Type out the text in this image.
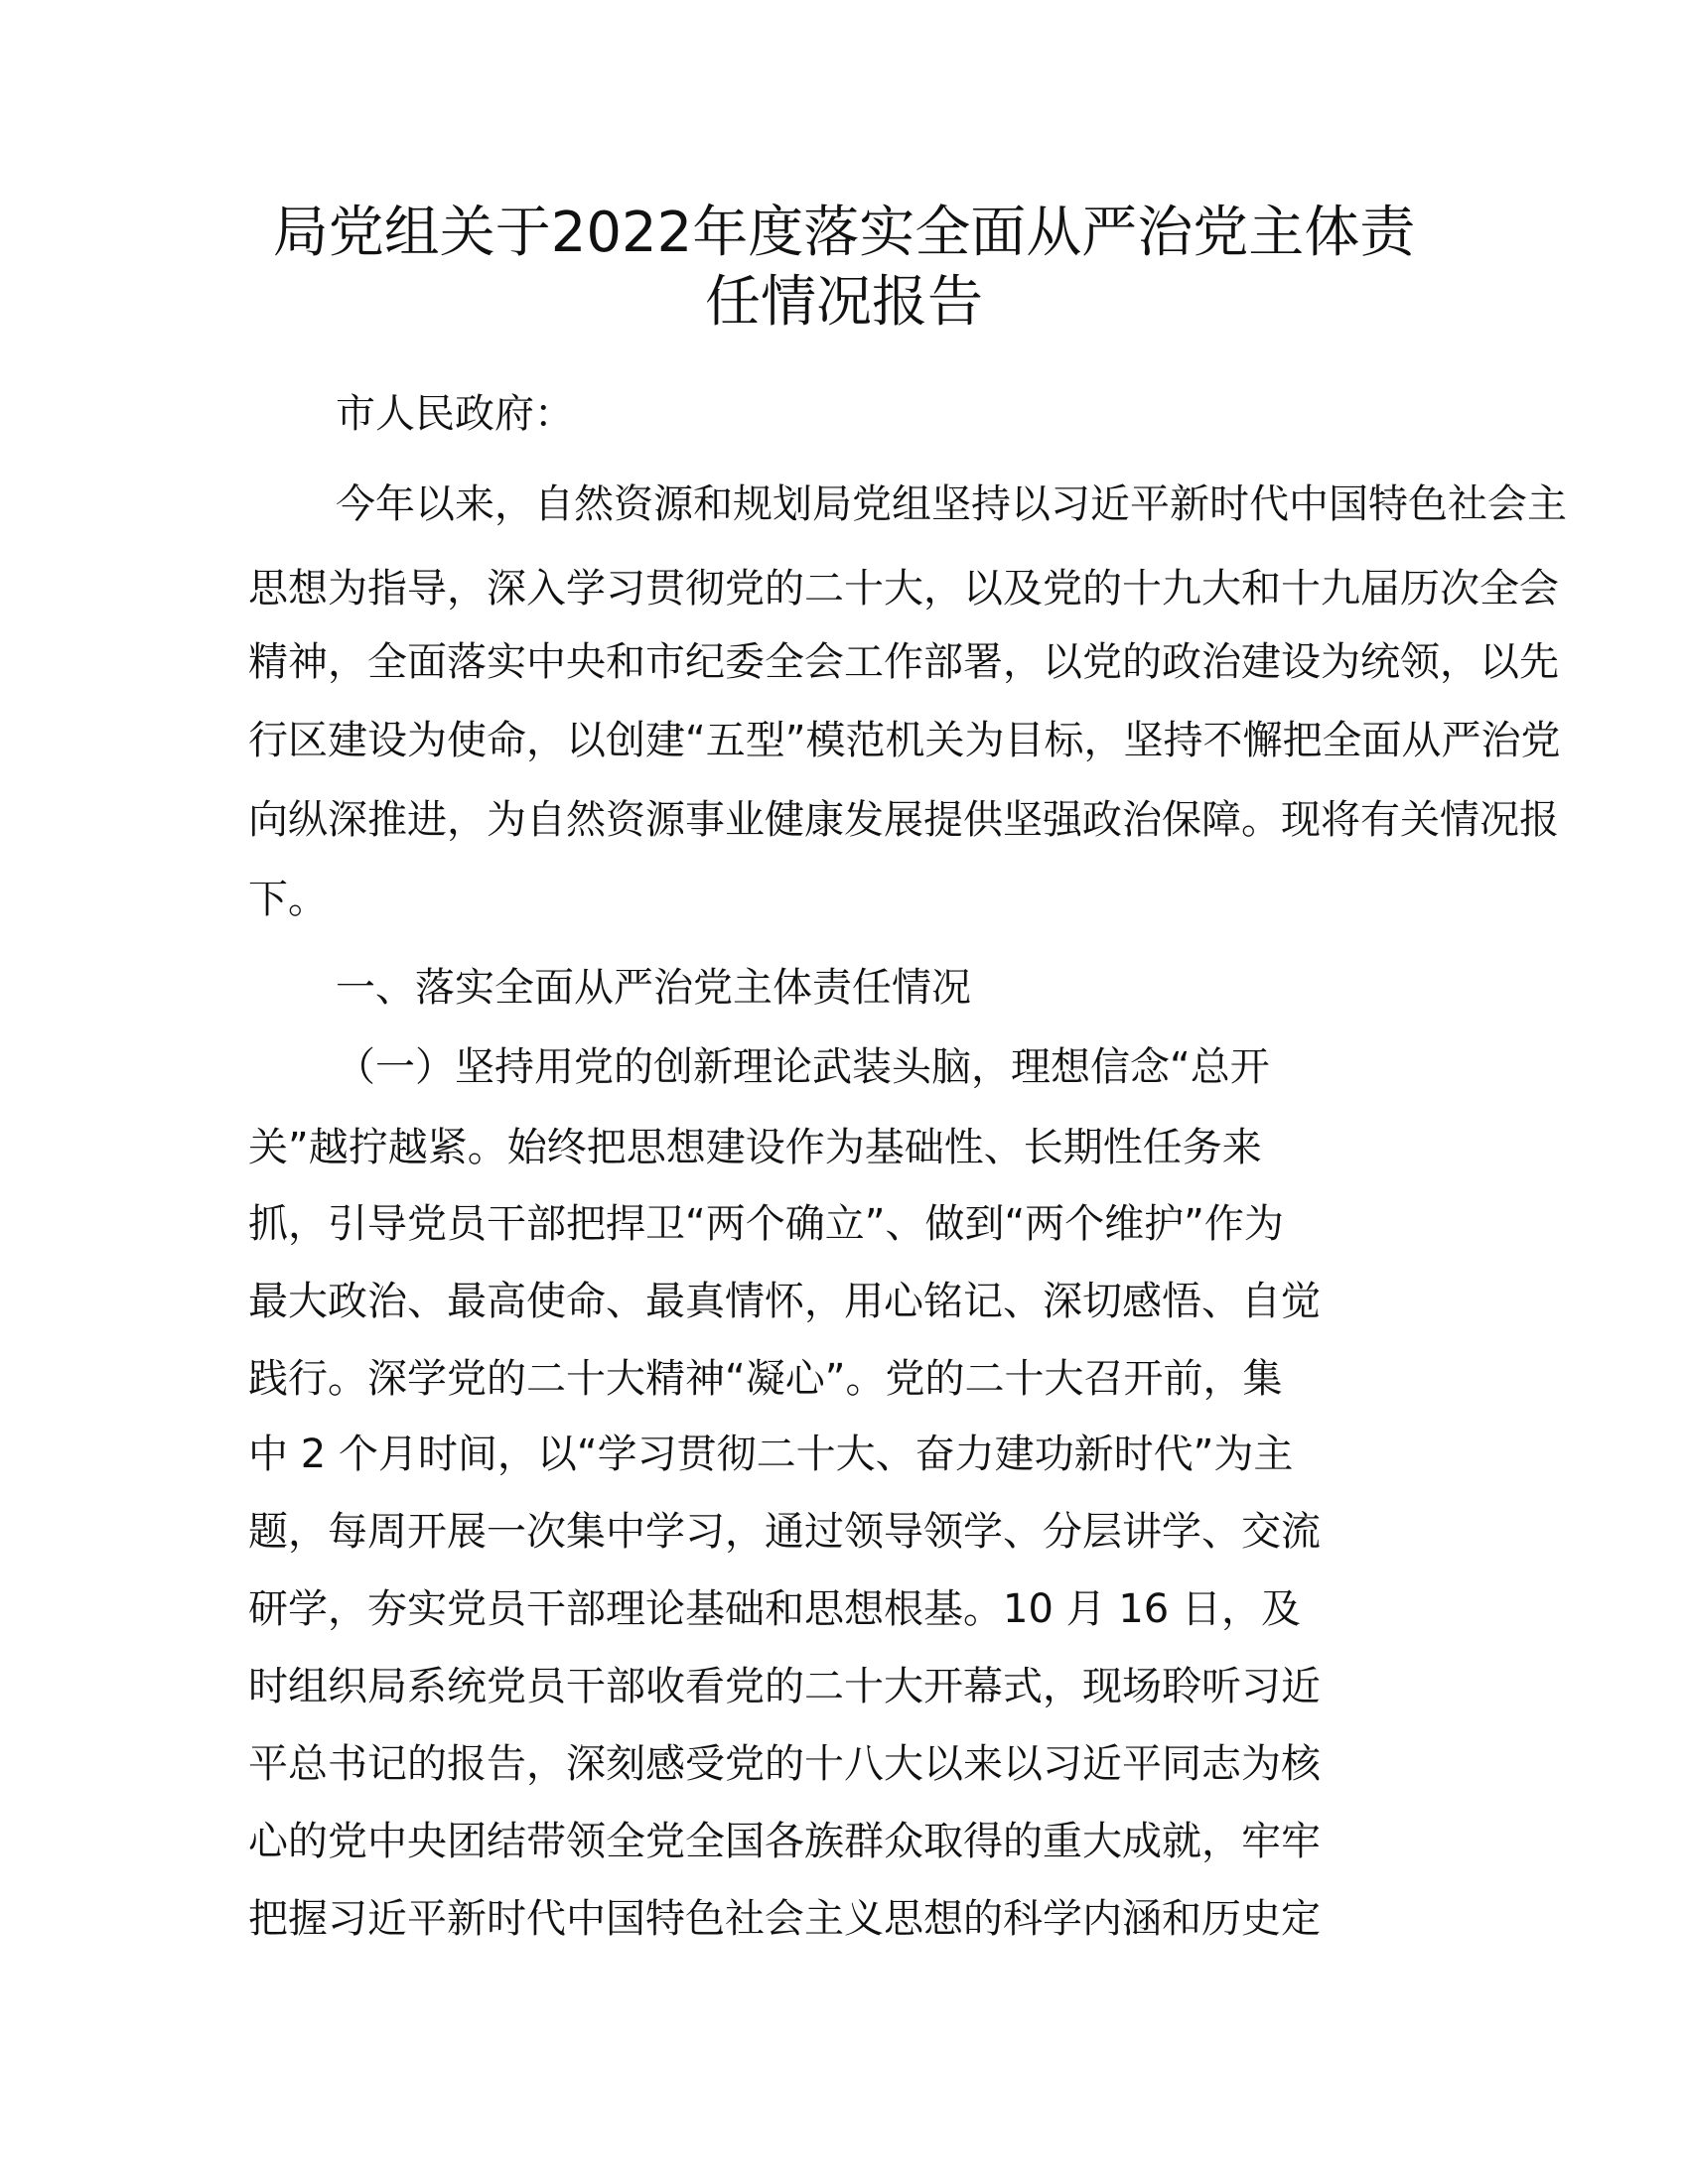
局党组关于2022年度落实全面从严治党主体责
任情况报告

市人民政府：

今年以来，自然资源和规划局党组坚持以习近平新时代中国特色社会主

思想为指导，深入学习贯彻党的二十大，以及党的十九大和十九届历次全会

精神，全面落实中央和市纪委全会工作部署，以党的政治建设为统领，以先

行区建设为使命，以创建“五型”模范机关为目标，坚持不懈把全面从严治党

向纵深推进，为自然资源事业健康发展提供坚强政治保障。现将有关情况报

下。

一、落实全面从严治党主体责任情况

（一）坚持用党的创新理论武装头脑，理想信念“总开

关”越拧越紧。始终把思想建设作为基础性、长期性任务来

抓，引导党员干部把捍卫“两个确立”、做到“两个维护”作为

最大政治、最高使命、最真情怀，用心铭记、深切感悟、自觉

践行。深学党的二十大精神“凝心”。党的二十大召开前，集

中 2 个月时间，以“学习贯彻二十大、奋力建功新时代”为主

题，每周开展一次集中学习，通过领导领学、分层讲学、交流

研学，夯实党员干部理论基础和思想根基。10 月 16 日，及

时组织局系统党员干部收看党的二十大开幕式，现场聆听习近

平总书记的报告，深刻感受党的十八大以来以习近平同志为核

心的党中央团结带领全党全国各族群众取得的重大成就，牢牢

把握习近平新时代中国特色社会主义思想的科学内涵和历史定
